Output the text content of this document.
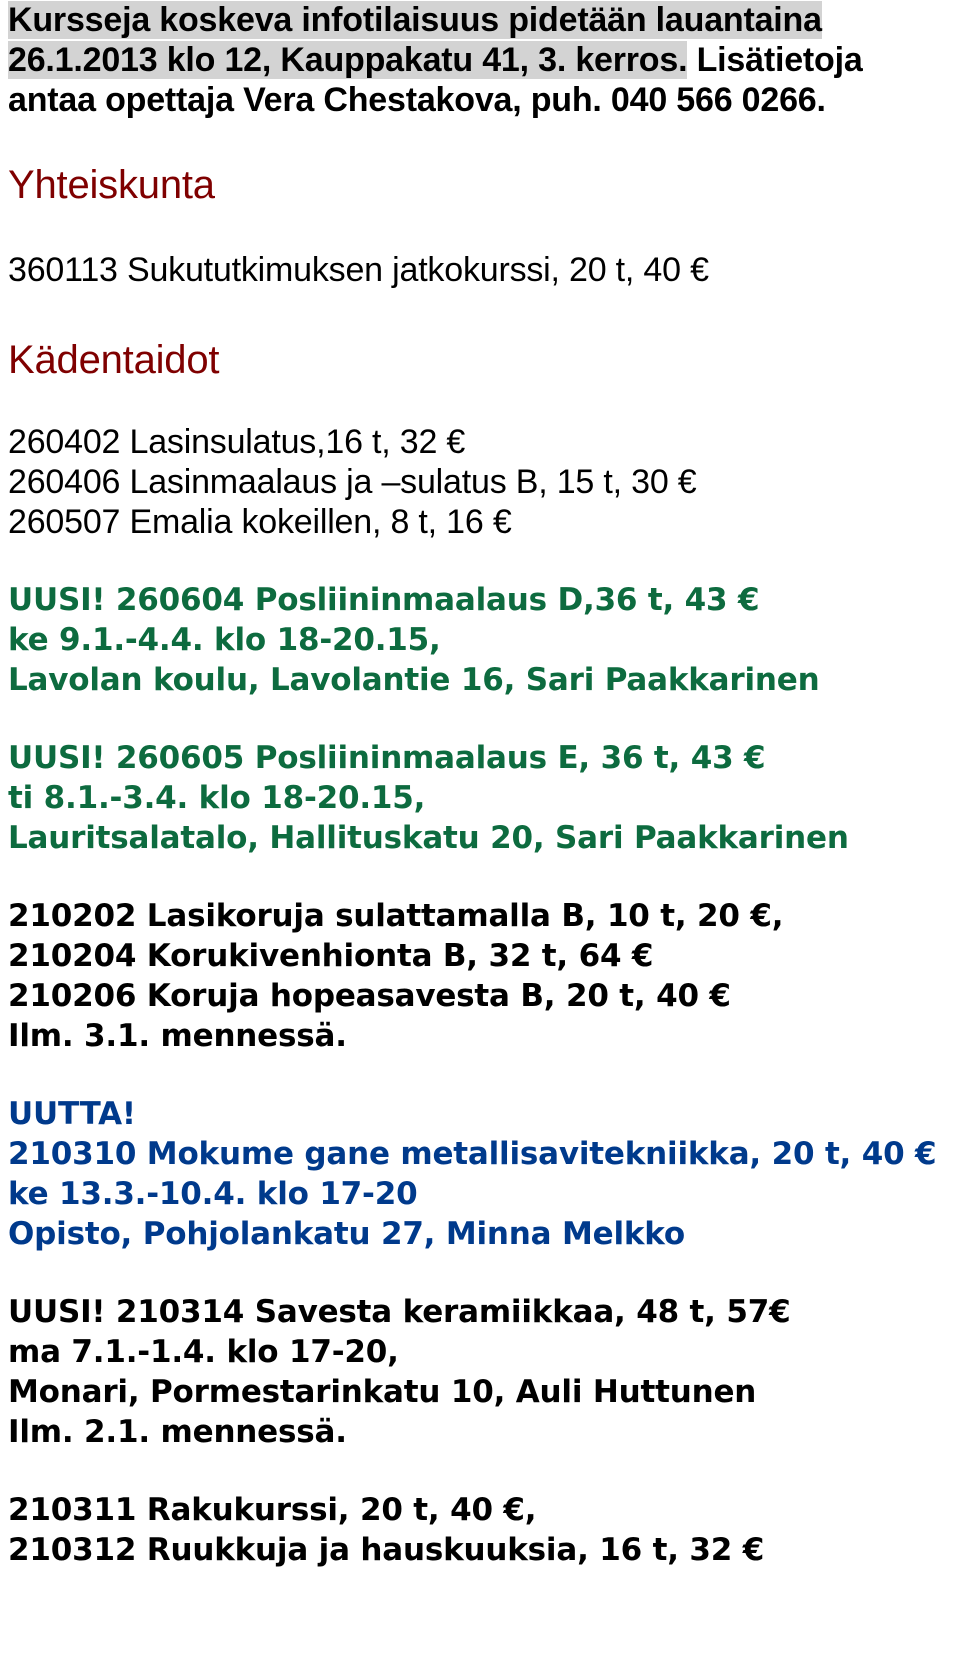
Kursseja koskeva infotilaisuus pidetään lauantaina

26.1.2013 klo 12, Kauppakatu 41, 3. kerros. Lisätietoja

antaa opettaja Vera Chestakova, puh. 040 566 0266.

Yhteiskunta

360113 Sukututkimuksen jatkokurssi, 20 t, 40 €

Kädentaidot

260402 Lasinsulatus,16 t, 32 €

260406 Lasinmaalaus ja –sulatus B, 15 t, 30 €

260507 Emalia kokeillen, 8 t, 16 €

UUSI! 260604 Posliininmaalaus D,36 t, 43 €

ke 9.1.-4.4. klo 18-20.15,

Lavolan koulu, Lavolantie 16, Sari Paakkarinen

UUSI! 260605 Posliininmaalaus E, 36 t, 43 €

ti 8.1.-3.4. klo 18-20.15,

Lauritsalatalo, Hallituskatu 20, Sari Paakkarinen

210202 Lasikoruja sulattamalla B, 10 t, 20 €,

210204 Korukivenhionta B, 32 t, 64 €

210206 Koruja hopeasavesta B, 20 t, 40 €

Ilm. 3.1. mennessä.

UUTTA!

210310 Mokume gane metallisavitekniikka, 20 t, 40 €

ke 13.3.-10.4. klo 17-20

Opisto, Pohjolankatu 27, Minna Melkko

UUSI! 210314 Savesta keramiikkaa, 48 t, 57€

ma 7.1.-1.4. klo 17-20,

Monari, Pormestarinkatu 10, Auli Huttunen

Ilm. 2.1. mennessä.

210311 Rakukurssi, 20 t, 40 €,

210312 Ruukkuja ja hauskuuksia, 16 t, 32 €
